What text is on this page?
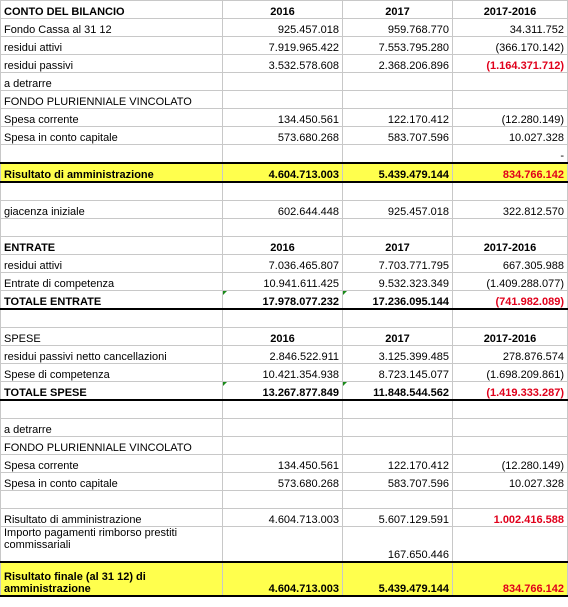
CONTO DEL BILANCIO	2016	2017	2017-2016
Fondo Cassa al 31 12	925.457.018	959.768.770	34.311.752
residui attivi	7.919.965.422	7.553.795.280	(366.170.142)
residui passivi	3.532.578.608	2.368.206.896	(1.164.371.712)
a detrarre			
FONDO PLURIENNIALE VINCOLATO			
Spesa corrente	134.450.561	122.170.412	(12.280.149)
Spesa in conto capitale	573.680.268	583.707.596	10.027.328
			-
Risultato di amministrazione	4.604.713.003	5.439.479.144	834.766.142

giacenza iniziale	602.644.448	925.457.018	322.812.570

ENTRATE	2016	2017	2017-2016
residui attivi	7.036.465.807	7.703.771.795	667.305.988
Entrate di competenza	10.941.611.425	9.532.323.349	(1.409.288.077)
TOTALE ENTRATE	17.978.077.232	17.236.095.144	(741.982.089)

SPESE	2016	2017	2017-2016
residui passivi netto cancellazioni	2.846.522.911	3.125.399.485	278.876.574
Spese di competenza	10.421.354.938	8.723.145.077	(1.698.209.861)
TOTALE SPESE	13.267.877.849	11.848.544.562	(1.419.333.287)

a detrarre			
FONDO PLURIENNIALE VINCOLATO			
Spesa corrente	134.450.561	122.170.412	(12.280.149)
Spesa in conto capitale	573.680.268	583.707.596	10.027.328

Risultato di amministrazione	4.604.713.003	5.607.129.591	1.002.416.588
Importo pagamenti rimborso prestiti commissariali		167.650.446	
Risultato finale (al 31 12) di amministrazione	4.604.713.003	5.439.479.144	834.766.142
